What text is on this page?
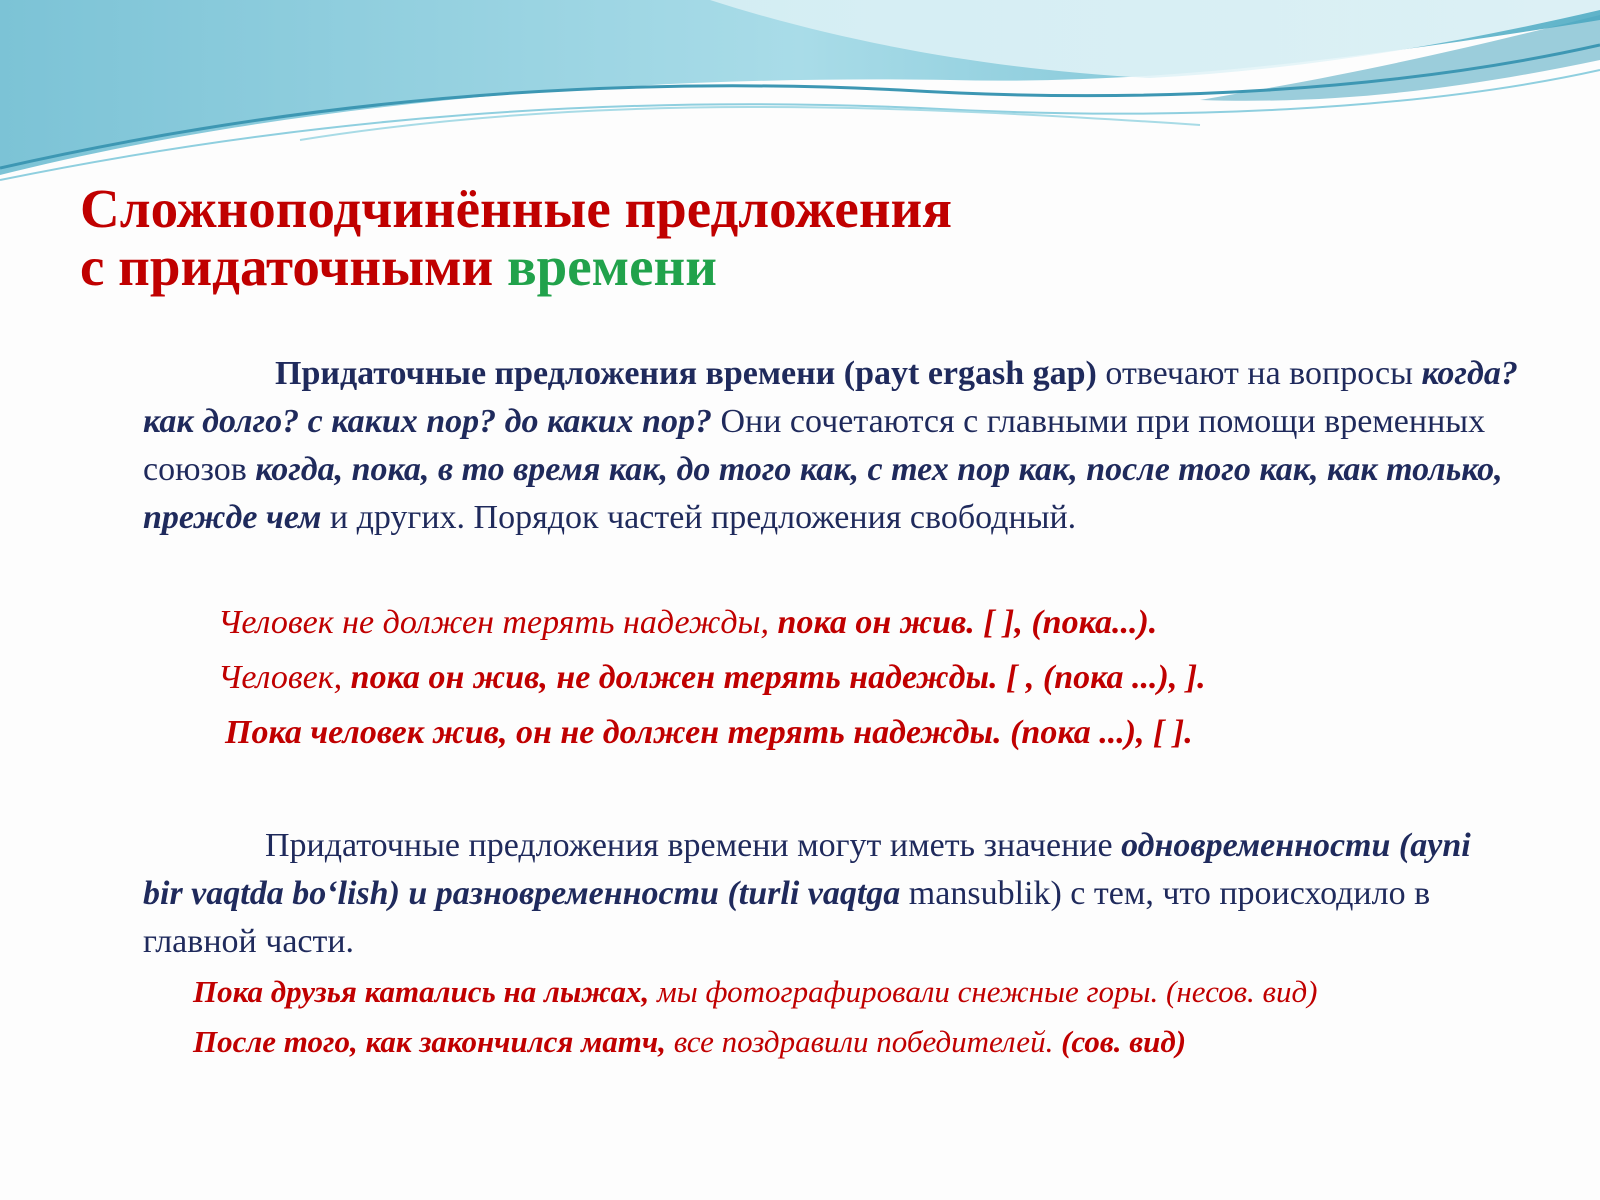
Сложноподчинённые предложения
с придаточными времени

Придаточные предложения времени (payt ergash gap) отвечают на вопросы когда? как долго? с каких пор? до каких пор? Они сочетаются с главными при помощи временных союзов когда, пока, в то время как, до того как, с тех пор как, после того как, как только, прежде чем и других. Порядок частей предложения свободный.

Человек не должен терять надежды, пока он жив. [ ], (пока...).

Человек, пока он жив, не должен терять надежды. [ , (пока ...), ].

Пока человек жив, он не должен терять надежды. (пока ...), [ ].

Придаточные предложения времени могут иметь значение одновременности (ayni bir vaqtda bo‘lish) и разновременности (turli vaqtga mansublik) с тем, что происходило в главной части.

Пока друзья катались на лыжах, мы фотографировали снежные горы. (несов. вид)

После того, как закончился матч, все поздравили победителей. (сов. вид)
